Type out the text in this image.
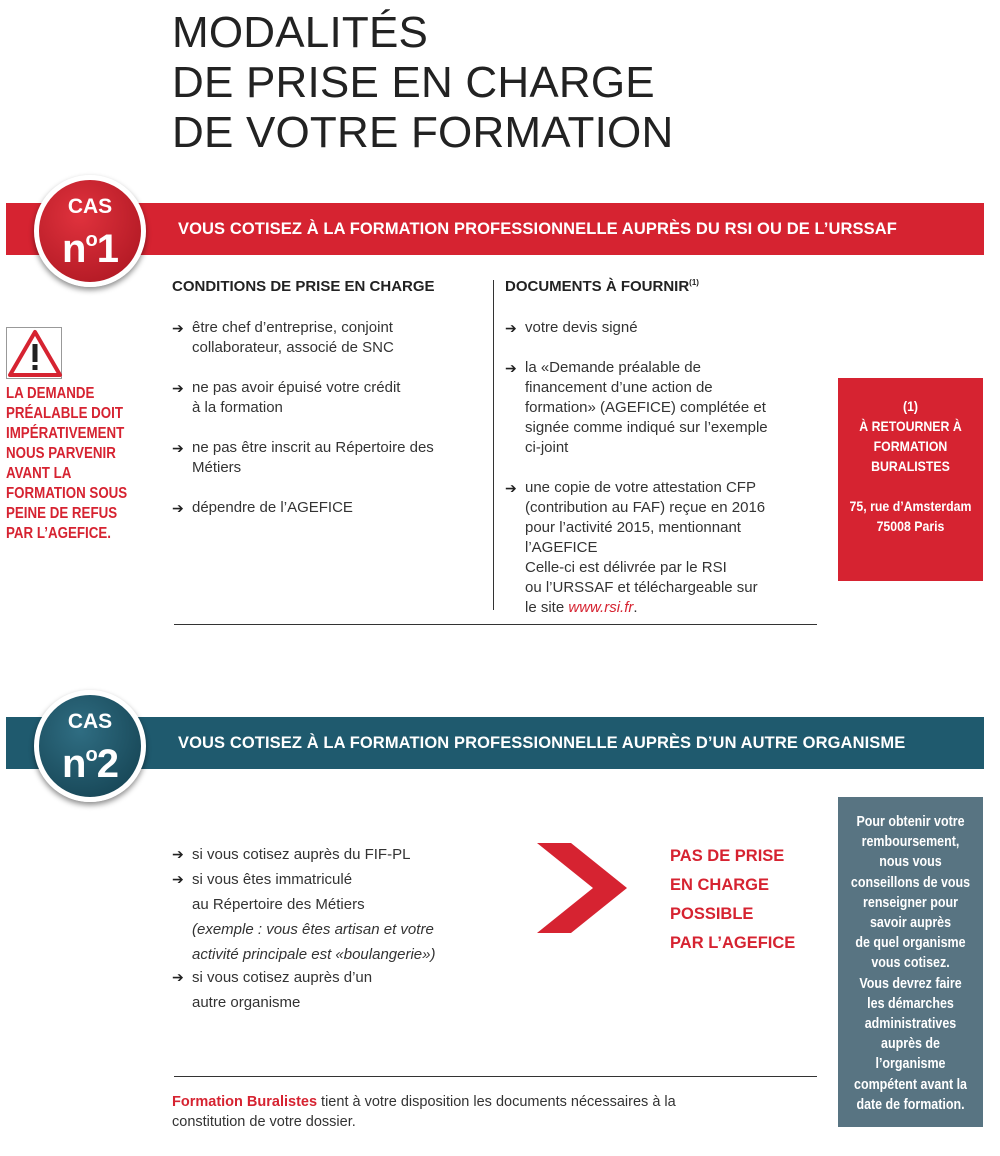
MODALITÉS
DE PRISE EN CHARGE
DE VOTRE FORMATION
VOUS COTISEZ À LA FORMATION PROFESSIONNELLE AUPRÈS DU RSI OU DE L’URSSAF
CAS
$n^o1$
LA DEMANDE PRÉALABLE DOIT IMPÉRATIVEMENT NOUS PARVENIR AVANT LA FORMATION SOUS PEINE DE REFUS PAR L’AGEFICE.
CONDITIONS DE PRISE EN CHARGE	DOCUMENTS À FOURNIR$^{(1)}$
➔ être chef d’entreprise, conjoint
collaborateur, associé de SNC
➔ ne pas avoir épuisé votre crédit
à la formation
➔ ne pas être inscrit au Répertoire des
Métiers
➔ dépendre de l’AGEFICE
➔ votre devis signé
➔ la «Demande préalable de
financement d’une action de
formation» (AGEFICE) complétée et
signée comme indiqué sur l’exemple
ci-joint
➔ une copie de votre attestation CFP
(contribution au FAF) reçue en 2016
pour l’activité 2015, mentionnant
l’AGEFICE
Celle-ci est délivrée par le RSI
ou l’URSSAF et téléchargeable sur
le site www.rsi.fr.
(1)
À RETOURNER À
FORMATION
BURALISTES
75, rue d’Amsterdam
75008 Paris
VOUS COTISEZ À LA FORMATION PROFESSIONNELLE AUPRÈS D’UN AUTRE ORGANISME
CAS
$n^o2$
➔ si vous cotisez auprès du FIF-PL
➔ si vous êtes immatriculé
au Répertoire des Métiers
(exemple : vous êtes artisan et votre
activité principale est «boulangerie»)
➔ si vous cotisez auprès d’un
autre organisme
PAS DE PRISE
EN CHARGE
POSSIBLE
PAR L’AGEFICE
Pour obtenir votre
remboursement,
nous vous
conseillons de vous
renseigner pour
savoir auprès
de quel organisme
vous cotisez.
Vous devrez faire
les démarches
administratives
auprès de
l’organisme
compétent avant la
date de formation.
Formation Buralistes tient à votre disposition les documents nécessaires à la
constitution de votre dossier.
